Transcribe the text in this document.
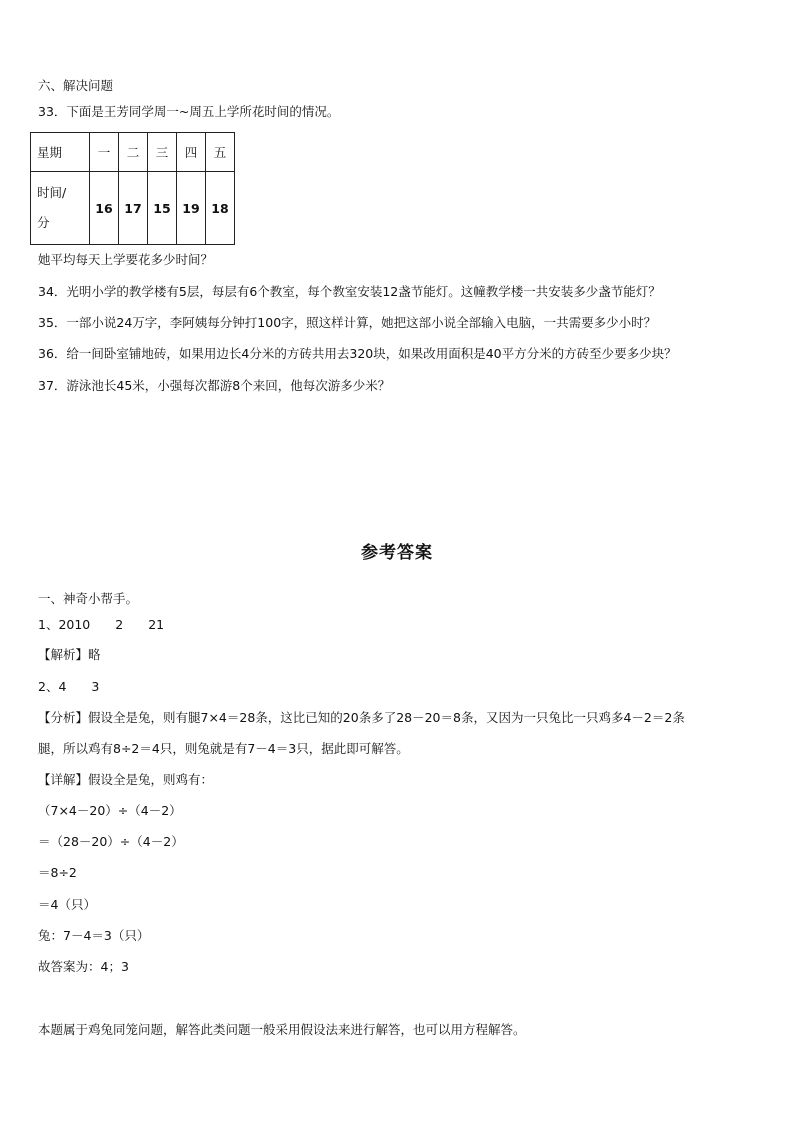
六、解决问题
33．下面是王芳同学周一~周五上学所花时间的情况。
星期	一	二	三	四	五

时间/
分	16	17	15	19	18
她平均每天上学要花多少时间？
34．光明小学的教学楼有5层，每层有6个教室，每个教室安装12盏节能灯。这幢教学楼一共安装多少盏节能灯？
35．一部小说24万字，李阿姨每分钟打100字，照这样计算，她把这部小说全部输入电脑，一共需要多少小时？
36．给一间卧室铺地砖，如果用边长4分米的方砖共用去320块，如果改用面积是40平方分米的方砖至少要多少块？
37．游泳池长45米，小强每次都游8个来回，他每次游多少米？
参考答案
一、神奇小帮手。
1、2010　　2　　21
【解析】略
2、4　　3
【分析】假设全是兔，则有腿7×4＝28条，这比已知的20条多了28－20＝8条，又因为一只兔比一只鸡多4－2＝2条
腿，所以鸡有8÷2＝4只，则兔就是有7－4＝3只，据此即可解答。
【详解】假设全是兔，则鸡有：
（7×4－20）÷（4－2）
＝（28－20）÷（4－2）
＝8÷2
＝4（只）
兔：7－4＝3（只）
故答案为：4；3
本题属于鸡兔同笼问题，解答此类问题一般采用假设法来进行解答，也可以用方程解答。
